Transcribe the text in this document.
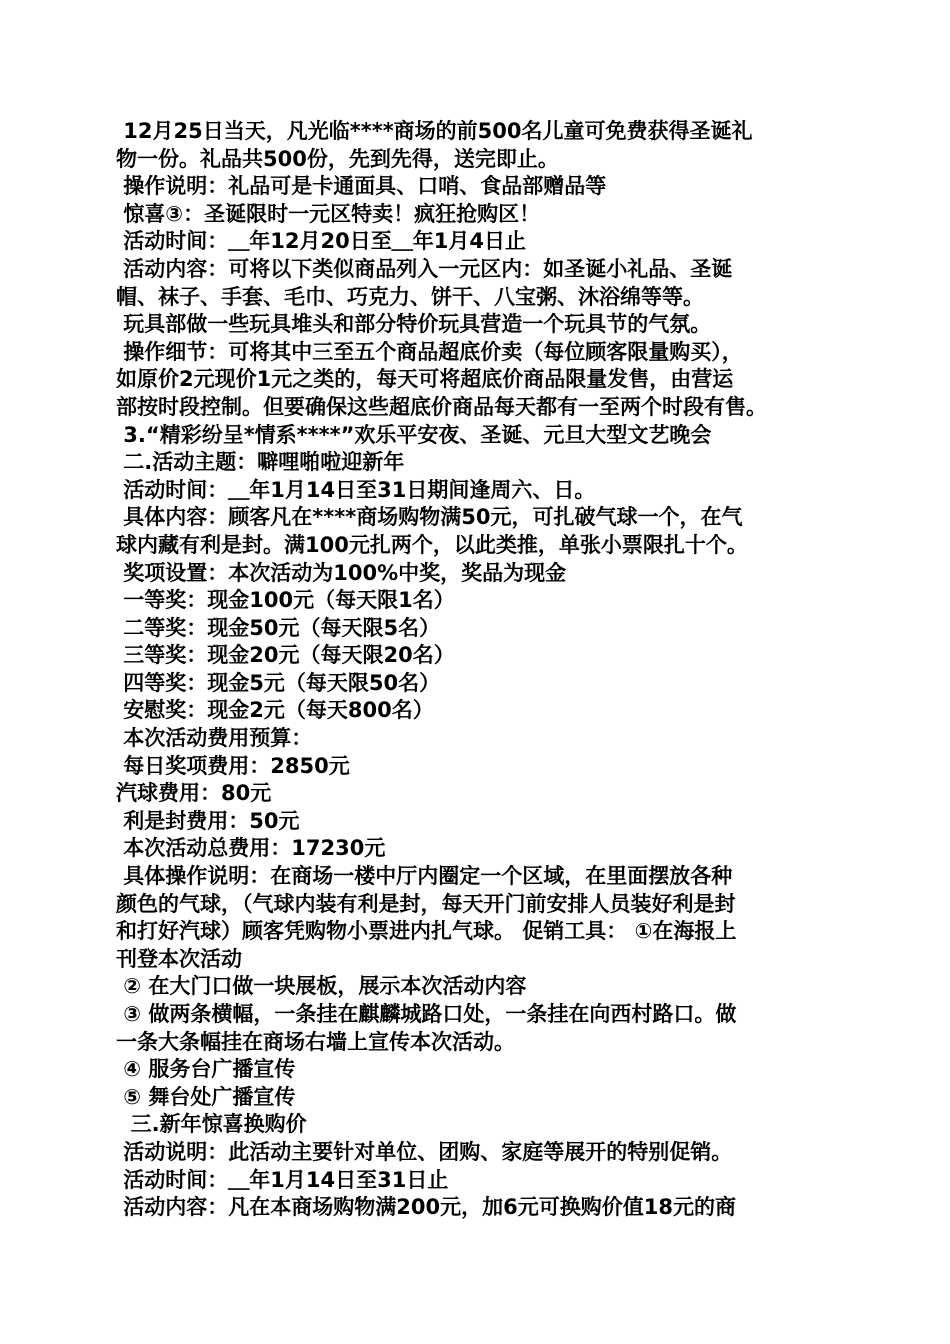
12月25日当天，凡光临****商场的前500名儿童可免费获得圣诞礼
物一份。礼品共500份，先到先得，送完即止。
操作说明：礼品可是卡通面具、口哨、食品部赠品等
惊喜③：圣诞限时一元区特卖！疯狂抢购区！
活动时间：＿年12月20日至＿年1月4日止
活动内容：可将以下类似商品列入一元区内：如圣诞小礼品、圣诞
帽、袜子、手套、毛巾、巧克力、饼干、八宝粥、沐浴绵等等。
玩具部做一些玩具堆头和部分特价玩具营造一个玩具节的气氛。
操作细节：可将其中三至五个商品超底价卖（每位顾客限量购买），
如原价2元现价1元之类的，每天可将超底价商品限量发售，由营运
部按时段控制。但要确保这些超底价商品每天都有一至两个时段有售。
3.“精彩纷呈*情系****”欢乐平安夜、圣诞、元旦大型文艺晚会
二.活动主题：噼哩啪啦迎新年
活动时间：＿年1月14日至31日期间逢周六、日。
具体内容：顾客凡在****商场购物满50元，可扎破气球一个，在气
球内藏有利是封。满100元扎两个，以此类推，单张小票限扎十个。
奖项设置：本次活动为100%中奖，奖品为现金
一等奖：现金100元（每天限1名）
二等奖：现金50元（每天限5名）
三等奖：现金20元（每天限20名）
四等奖：现金5元（每天限50名）
安慰奖：现金2元（每天800名）
本次活动费用预算：
每日奖项费用：2850元
汽球费用：80元
利是封费用：50元
本次活动总费用：17230元
具体操作说明：在商场一楼中厅内圈定一个区域，在里面摆放各种
颜色的气球，（气球内装有利是封，每天开门前安排人员装好利是封
和打好汽球）顾客凭购物小票进内扎气球。 促销工具： ①在海报上
刊登本次活动
② 在大门口做一块展板，展示本次活动内容
③ 做两条横幅，一条挂在麒麟城路口处，一条挂在向西村路口。做
一条大条幅挂在商场右墙上宣传本次活动。
④ 服务台广播宣传
⑤ 舞台处广播宣传
三.新年惊喜换购价
活动说明：此活动主要针对单位、团购、家庭等展开的特别促销。
活动时间：＿年1月14日至31日止
活动内容：凡在本商场购物满200元，加6元可换购价值18元的商
